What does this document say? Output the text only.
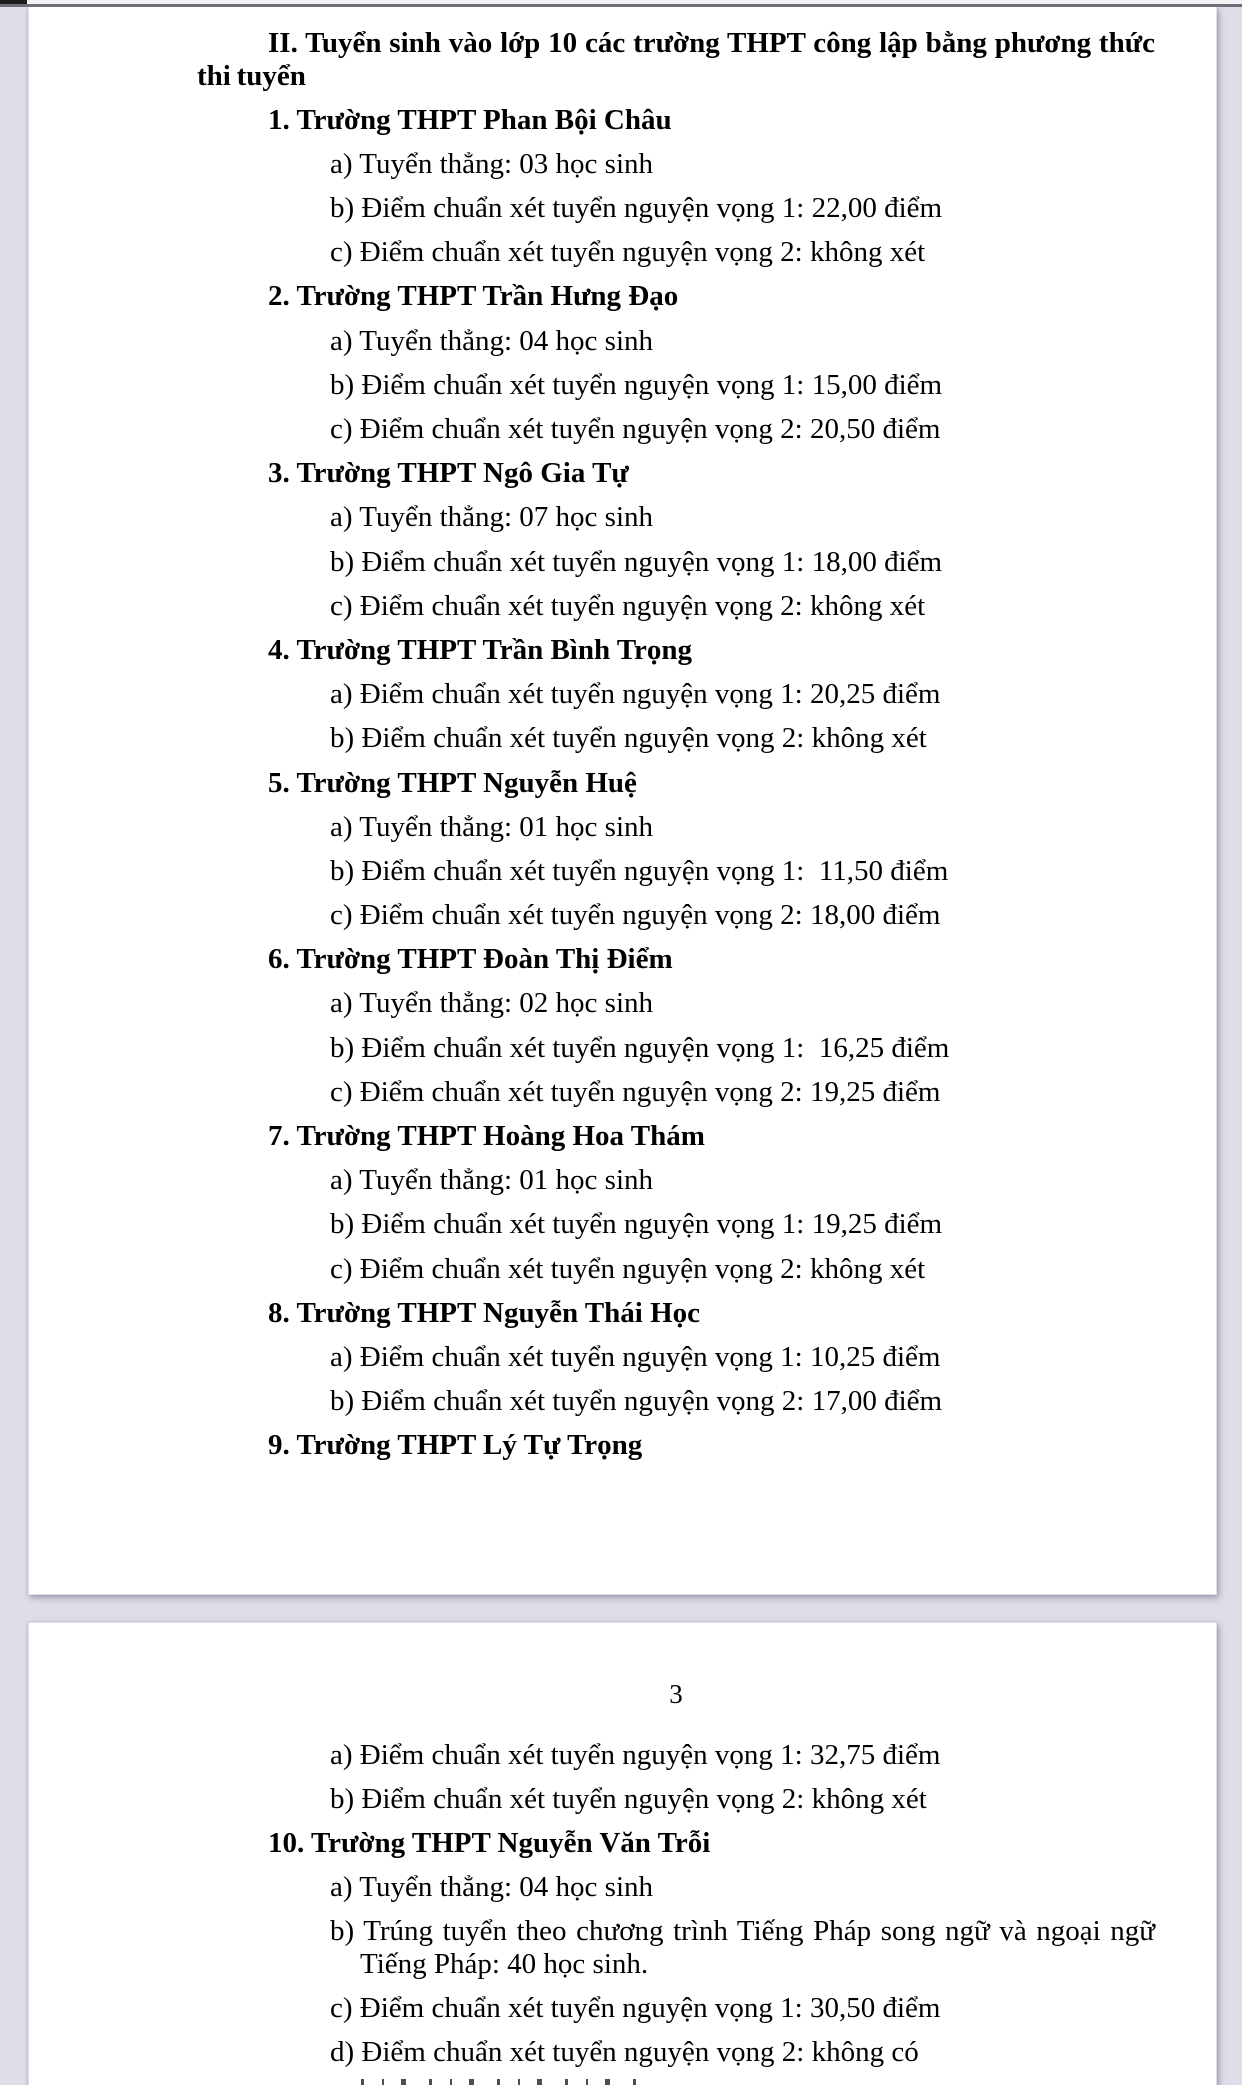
II. Tuyển sinh vào lớp 10 các trường THPT công lập bằng phương thức thi tuyển

1. Trường THPT Phan Bội Châu

a) Tuyển thẳng: 03 học sinh

b) Điểm chuẩn xét tuyển nguyện vọng 1: 22,00 điểm

c) Điểm chuẩn xét tuyển nguyện vọng 2: không xét

2. Trường THPT Trần Hưng Đạo

a) Tuyển thẳng: 04 học sinh

b) Điểm chuẩn xét tuyển nguyện vọng 1: 15,00 điểm

c) Điểm chuẩn xét tuyển nguyện vọng 2: 20,50 điểm

3. Trường THPT Ngô Gia Tự

a) Tuyển thẳng: 07 học sinh

b) Điểm chuẩn xét tuyển nguyện vọng 1: 18,00 điểm

c) Điểm chuẩn xét tuyển nguyện vọng 2: không xét

4. Trường THPT Trần Bình Trọng

a) Điểm chuẩn xét tuyển nguyện vọng 1: 20,25 điểm

b) Điểm chuẩn xét tuyển nguyện vọng 2: không xét

5. Trường THPT Nguyễn Huệ

a) Tuyển thẳng: 01 học sinh

b) Điểm chuẩn xét tuyển nguyện vọng 1:  11,50 điểm

c) Điểm chuẩn xét tuyển nguyện vọng 2: 18,00 điểm

6. Trường THPT Đoàn Thị Điểm

a) Tuyển thẳng: 02 học sinh

b) Điểm chuẩn xét tuyển nguyện vọng 1:  16,25 điểm

c) Điểm chuẩn xét tuyển nguyện vọng 2: 19,25 điểm

7. Trường THPT Hoàng Hoa Thám

a) Tuyển thẳng: 01 học sinh

b) Điểm chuẩn xét tuyển nguyện vọng 1: 19,25 điểm

c) Điểm chuẩn xét tuyển nguyện vọng 2: không xét

8. Trường THPT Nguyễn Thái Học

a) Điểm chuẩn xét tuyển nguyện vọng 1: 10,25 điểm

b) Điểm chuẩn xét tuyển nguyện vọng 2: 17,00 điểm

9. Trường THPT Lý Tự Trọng

3

a) Điểm chuẩn xét tuyển nguyện vọng 1: 32,75 điểm

b) Điểm chuẩn xét tuyển nguyện vọng 2: không xét

10. Trường THPT Nguyễn Văn Trỗi

a) Tuyển thẳng: 04 học sinh

b) Trúng tuyển theo chương trình Tiếng Pháp song ngữ và ngoại ngữ Tiếng Pháp: 40 học sinh.

c) Điểm chuẩn xét tuyển nguyện vọng 1: 30,50 điểm

d) Điểm chuẩn xét tuyển nguyện vọng 2: không có
